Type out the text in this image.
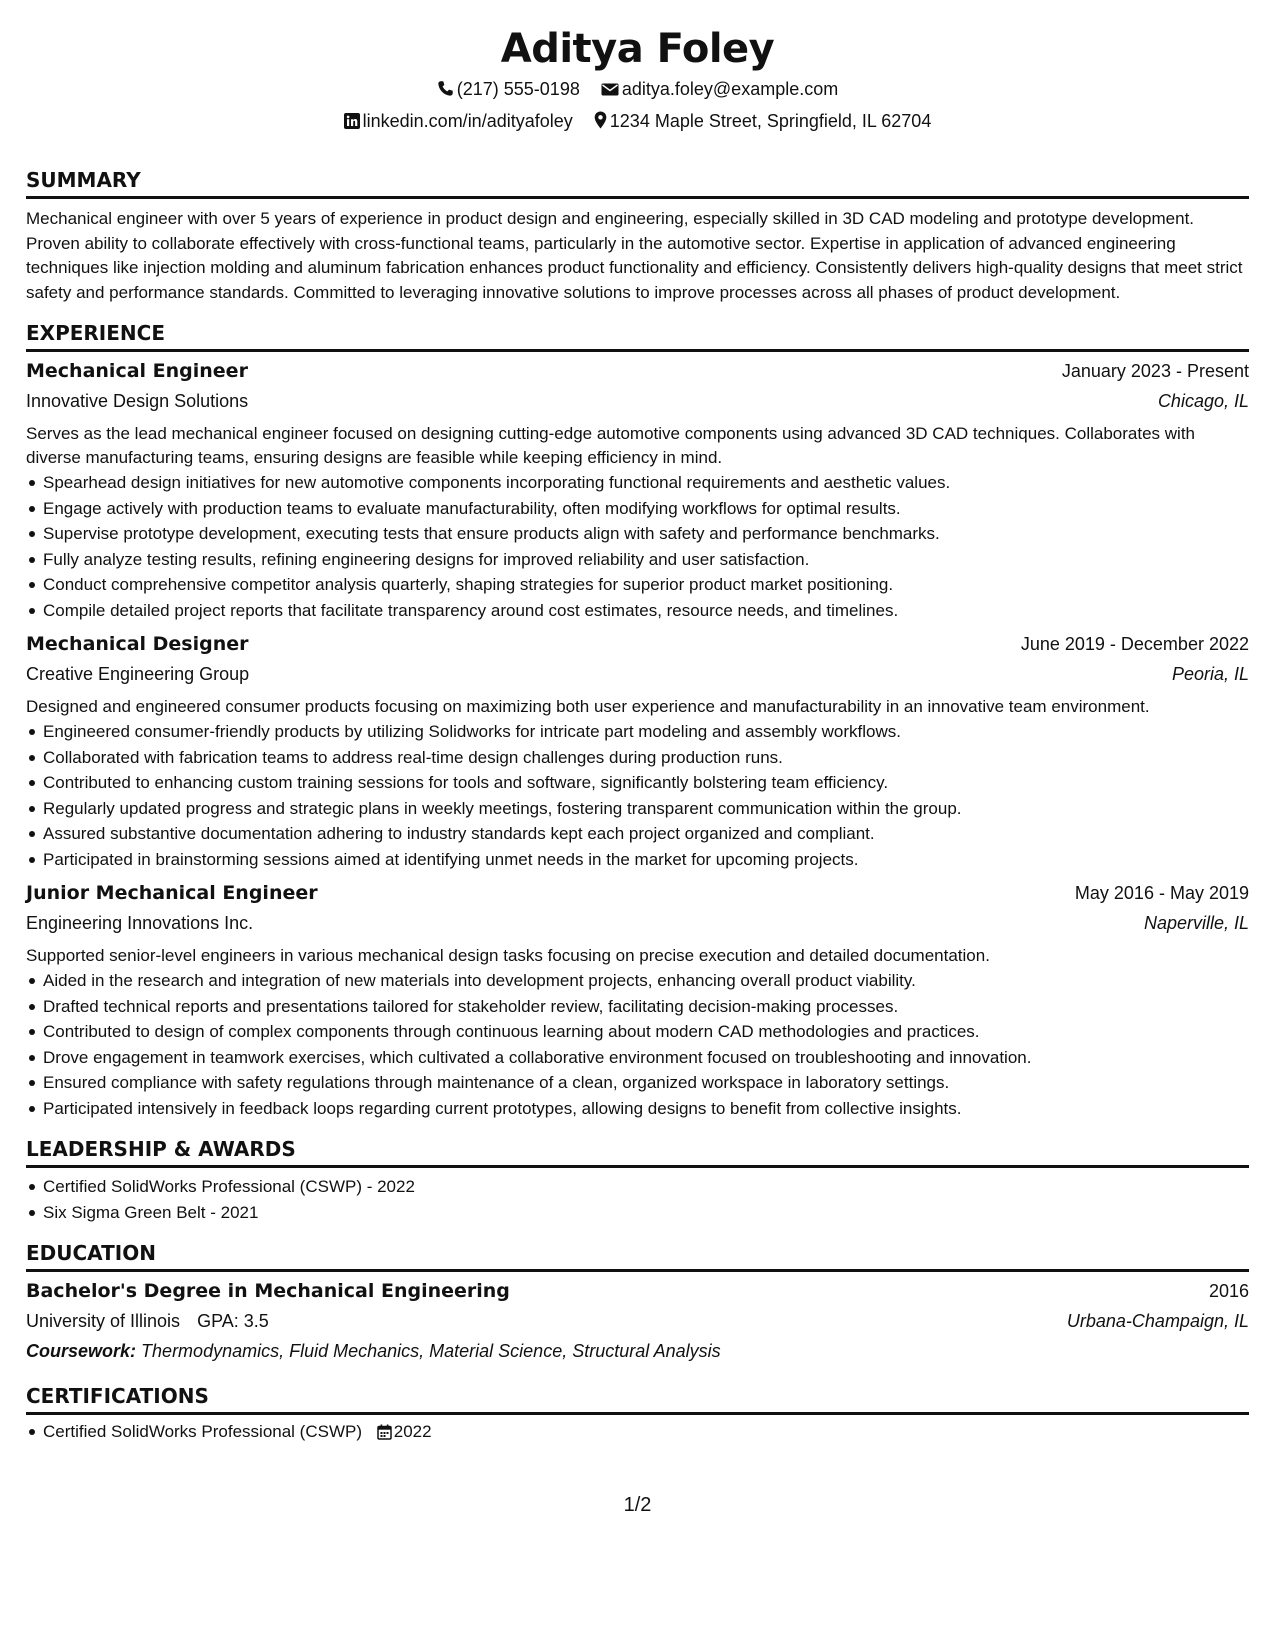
Aditya Foley
(217) 555-0198 aditya.foley@example.com
linkedin.com/in/adityafoley 1234 Maple Street, Springfield, IL 62704
SUMMARY
Mechanical engineer with over 5 years of experience in product design and engineering, especially skilled in 3D CAD modeling and prototype development. Proven ability to collaborate effectively with cross-functional teams, particularly in the automotive sector. Expertise in application of advanced engineering techniques like injection molding and aluminum fabrication enhances product functionality and efficiency. Consistently delivers high-quality designs that meet strict safety and performance standards. Committed to leveraging innovative solutions to improve processes across all phases of product development.
EXPERIENCE
Mechanical Engineer	January 2023 - Present
Innovative Design Solutions	Chicago, IL
Serves as the lead mechanical engineer focused on designing cutting-edge automotive components using advanced 3D CAD techniques. Collaborates with diverse manufacturing teams, ensuring designs are feasible while keeping efficiency in mind.
Spearhead design initiatives for new automotive components incorporating functional requirements and aesthetic values.
Engage actively with production teams to evaluate manufacturability, often modifying workflows for optimal results.
Supervise prototype development, executing tests that ensure products align with safety and performance benchmarks.
Fully analyze testing results, refining engineering designs for improved reliability and user satisfaction.
Conduct comprehensive competitor analysis quarterly, shaping strategies for superior product market positioning.
Compile detailed project reports that facilitate transparency around cost estimates, resource needs, and timelines.
Mechanical Designer	June 2019 - December 2022
Creative Engineering Group	Peoria, IL
Designed and engineered consumer products focusing on maximizing both user experience and manufacturability in an innovative team environment.
Engineered consumer-friendly products by utilizing Solidworks for intricate part modeling and assembly workflows.
Collaborated with fabrication teams to address real-time design challenges during production runs.
Contributed to enhancing custom training sessions for tools and software, significantly bolstering team efficiency.
Regularly updated progress and strategic plans in weekly meetings, fostering transparent communication within the group.
Assured substantive documentation adhering to industry standards kept each project organized and compliant.
Participated in brainstorming sessions aimed at identifying unmet needs in the market for upcoming projects.
Junior Mechanical Engineer	May 2016 - May 2019
Engineering Innovations Inc.	Naperville, IL
Supported senior-level engineers in various mechanical design tasks focusing on precise execution and detailed documentation.
Aided in the research and integration of new materials into development projects, enhancing overall product viability.
Drafted technical reports and presentations tailored for stakeholder review, facilitating decision-making processes.
Contributed to design of complex components through continuous learning about modern CAD methodologies and practices.
Drove engagement in teamwork exercises, which cultivated a collaborative environment focused on troubleshooting and innovation.
Ensured compliance with safety regulations through maintenance of a clean, organized workspace in laboratory settings.
Participated intensively in feedback loops regarding current prototypes, allowing designs to benefit from collective insights.
LEADERSHIP & AWARDS
Certified SolidWorks Professional (CSWP) - 2022
Six Sigma Green Belt - 2021
EDUCATION
Bachelor's Degree in Mechanical Engineering	2016
University of Illinois GPA: 3.5	Urbana-Champaign, IL
Coursework: Thermodynamics, Fluid Mechanics, Material Science, Structural Analysis
CERTIFICATIONS
Certified SolidWorks Professional (CSWP) 2022
1/2
